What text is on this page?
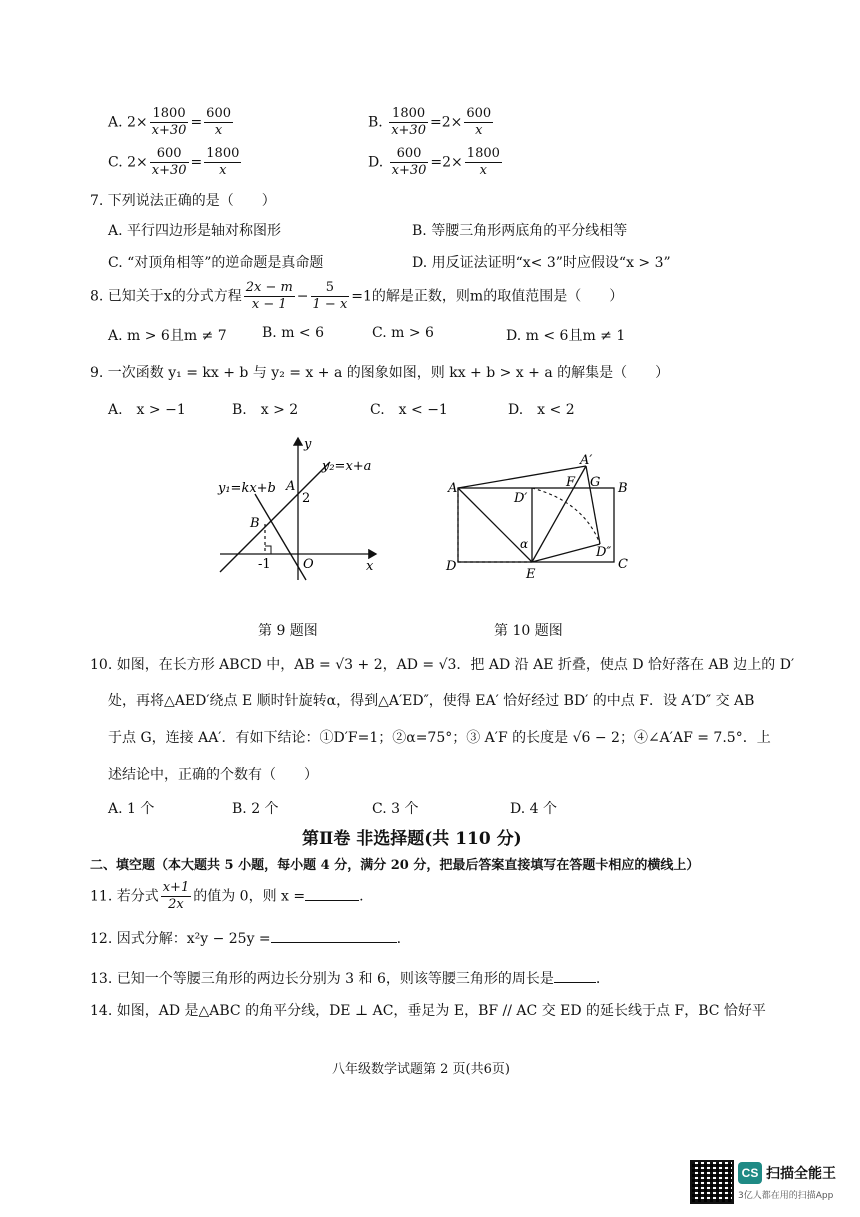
A. $2\times \frac{1800}{x+30} = \frac{600}{x}$	B. $\frac{1800}{x+30} =2\times \frac{600}{x}$
C. $2\times \frac{600}{x+30} = \frac{1800}{x}$	D. $\frac{600}{x+30} =2\times \frac{1800}{x}$
7. 下列说法正确的是（　　）
A. 平行四边形是轴对称图形	B. 等腰三角形两底角的平分线相等
C. “对顶角相等”的逆命题是真命题	D. 用反证法证明“x< 3”时应假设“x > 3”
8. 已知关于x的分式方程 $\frac{2x - m}{x - 1} - \frac{5}{1 - x} =1$的解是正数，则m的取值范围是（　　）
A. m > 6且m ≠ 7	B. m < 6	C. m > 6	D. m < 6且m ≠ 1
9. 一次函数 y₁ = kx + b 与 y₂ = x + a 的图象如图，则 kx + b > x + a 的解集是（　　）
A.　x > −1	B.　x > 2	C.　x < −1	D.　x < 2
y
x
O
y₂=x+a
y₁=kx+b A
2
B
-1
第 9 题图
A
A′
F G B
D′
α
D″
D
E
C
第 10 题图
10. 如图，在长方形 ABCD 中，AB = √3 + 2，AD = √3．把 AD 沿 AE 折叠，使点 D 恰好落在 AB 边上的 D′
处，再将△AED′绕点 E 顺时针旋转α，得到△A′ED″，使得 EA′ 恰好经过 BD′ 的中点 F．设 A′D″ 交 AB
于点 G，连接 AA′．有如下结论：①D′F=1；②α=75°；③ A′F 的长度是 √6 − 2；④∠A′AF = 7.5°．上
述结论中，正确的个数有（　　）
A. 1 个	B. 2 个	C. 3 个	D. 4 个
第Ⅱ卷 非选择题(共 110 分)
二、填空题（本大题共 5 小题，每小题 4 分，满分 20 分，把最后答案直接填写在答题卡相应的横线上）
11. 若分式 $\frac{x+1}{2x}$ 的值为 0，则 x =	.
12. 因式分解：x²y − 25y =	.
13. 已知一个等腰三角形的两边长分别为 3 和 6，则该等腰三角形的周长是	.
14. 如图，AD 是△ABC 的角平分线，DE ⊥ AC，垂足为 E，BF // AC 交 ED 的延长线于点 F，BC 恰好平
八年级数学试题第 2 页(共6页)
CS 扫描全能王
3亿人都在用的扫描App
